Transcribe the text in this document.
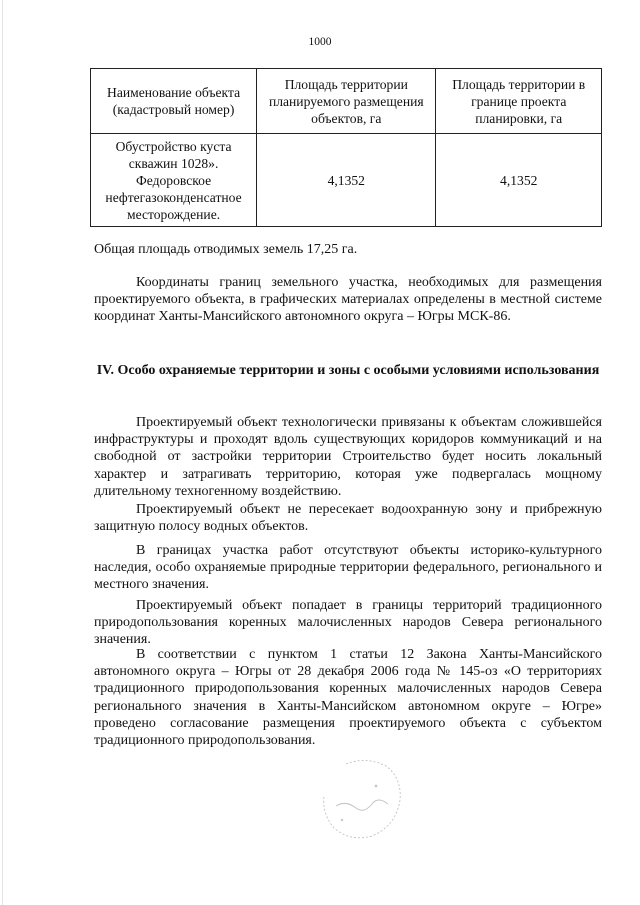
1000
Наименование объекта (кадастровый номер)	Площадь территории планируемого размещения объектов, га	Площадь территории в границе проекта планировки, га
Обустройство куста скважин 1028». Федоровское нефтегазоконденсатное месторождение.	4,1352	4,1352

Общая площадь отводимых земель 17,25 га.

Координаты границ земельного участка, необходимых для размещения проектируемого объекта, в графических материалах определены в местной системе координат Ханты-Мансийского автономного округа – Югры МСК-86.

IV. Особо охраняемые территории и зоны с особыми условиями использования

Проектируемый объект технологически привязаны к объектам сложившейся инфраструктуры и проходят вдоль существующих коридоров коммуникаций и на свободной от застройки территории Строительство будет носить локальный характер и затрагивать территорию, которая уже подвергалась мощному длительному техногенному воздействию.

Проектируемый объект не пересекает водоохранную зону и прибрежную защитную полосу водных объектов.

В границах участка работ отсутствуют объекты историко-культурного наследия, особо охраняемые природные территории федерального, регионального и местного значения.

Проектируемый объект попадает в границы территорий традиционного природопользования коренных малочисленных народов Севера регионального значения.

В соответствии с пунктом 1 статьи 12 Закона Ханты-Мансийского автономного округа – Югры от 28 декабря 2006 года № 145-оз «О территориях традиционного природопользования коренных малочисленных народов Севера регионального значения в Ханты-Мансийском автономном округе – Югре» проведено согласование размещения проектируемого объекта с субъектом традиционного природопользования.
